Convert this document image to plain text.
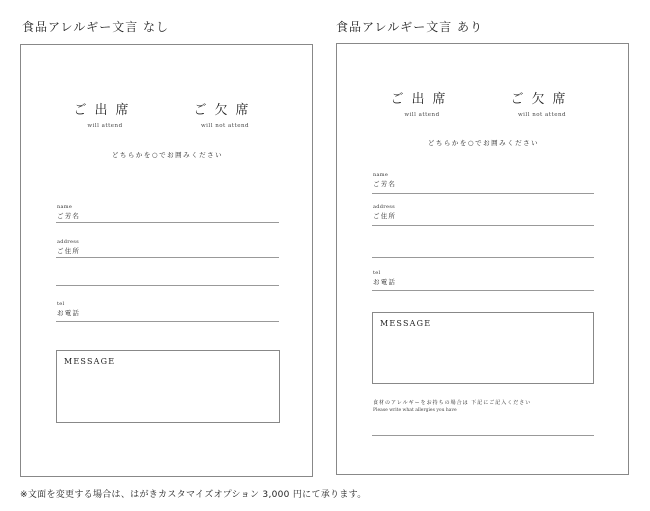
食品アレルギー文言 なし	食品アレルギー文言 あり
ご出席
will attend
ご欠席
will not attend
どちらかを○でお囲みください
name
ご芳名
address
ご住所
tel
お電話
MESSAGE
ご出席
will attend
ご欠席
will not attend
どちらかを○でお囲みください
name
ご芳名
address
ご住所
tel
お電話
MESSAGE
食材のアレルギーをお持ちの場合は 下記にご記入ください
Please write what allergies you have
※文面を変更する場合は、はがきカスタマイズオプション 3,000 円にて承ります。
